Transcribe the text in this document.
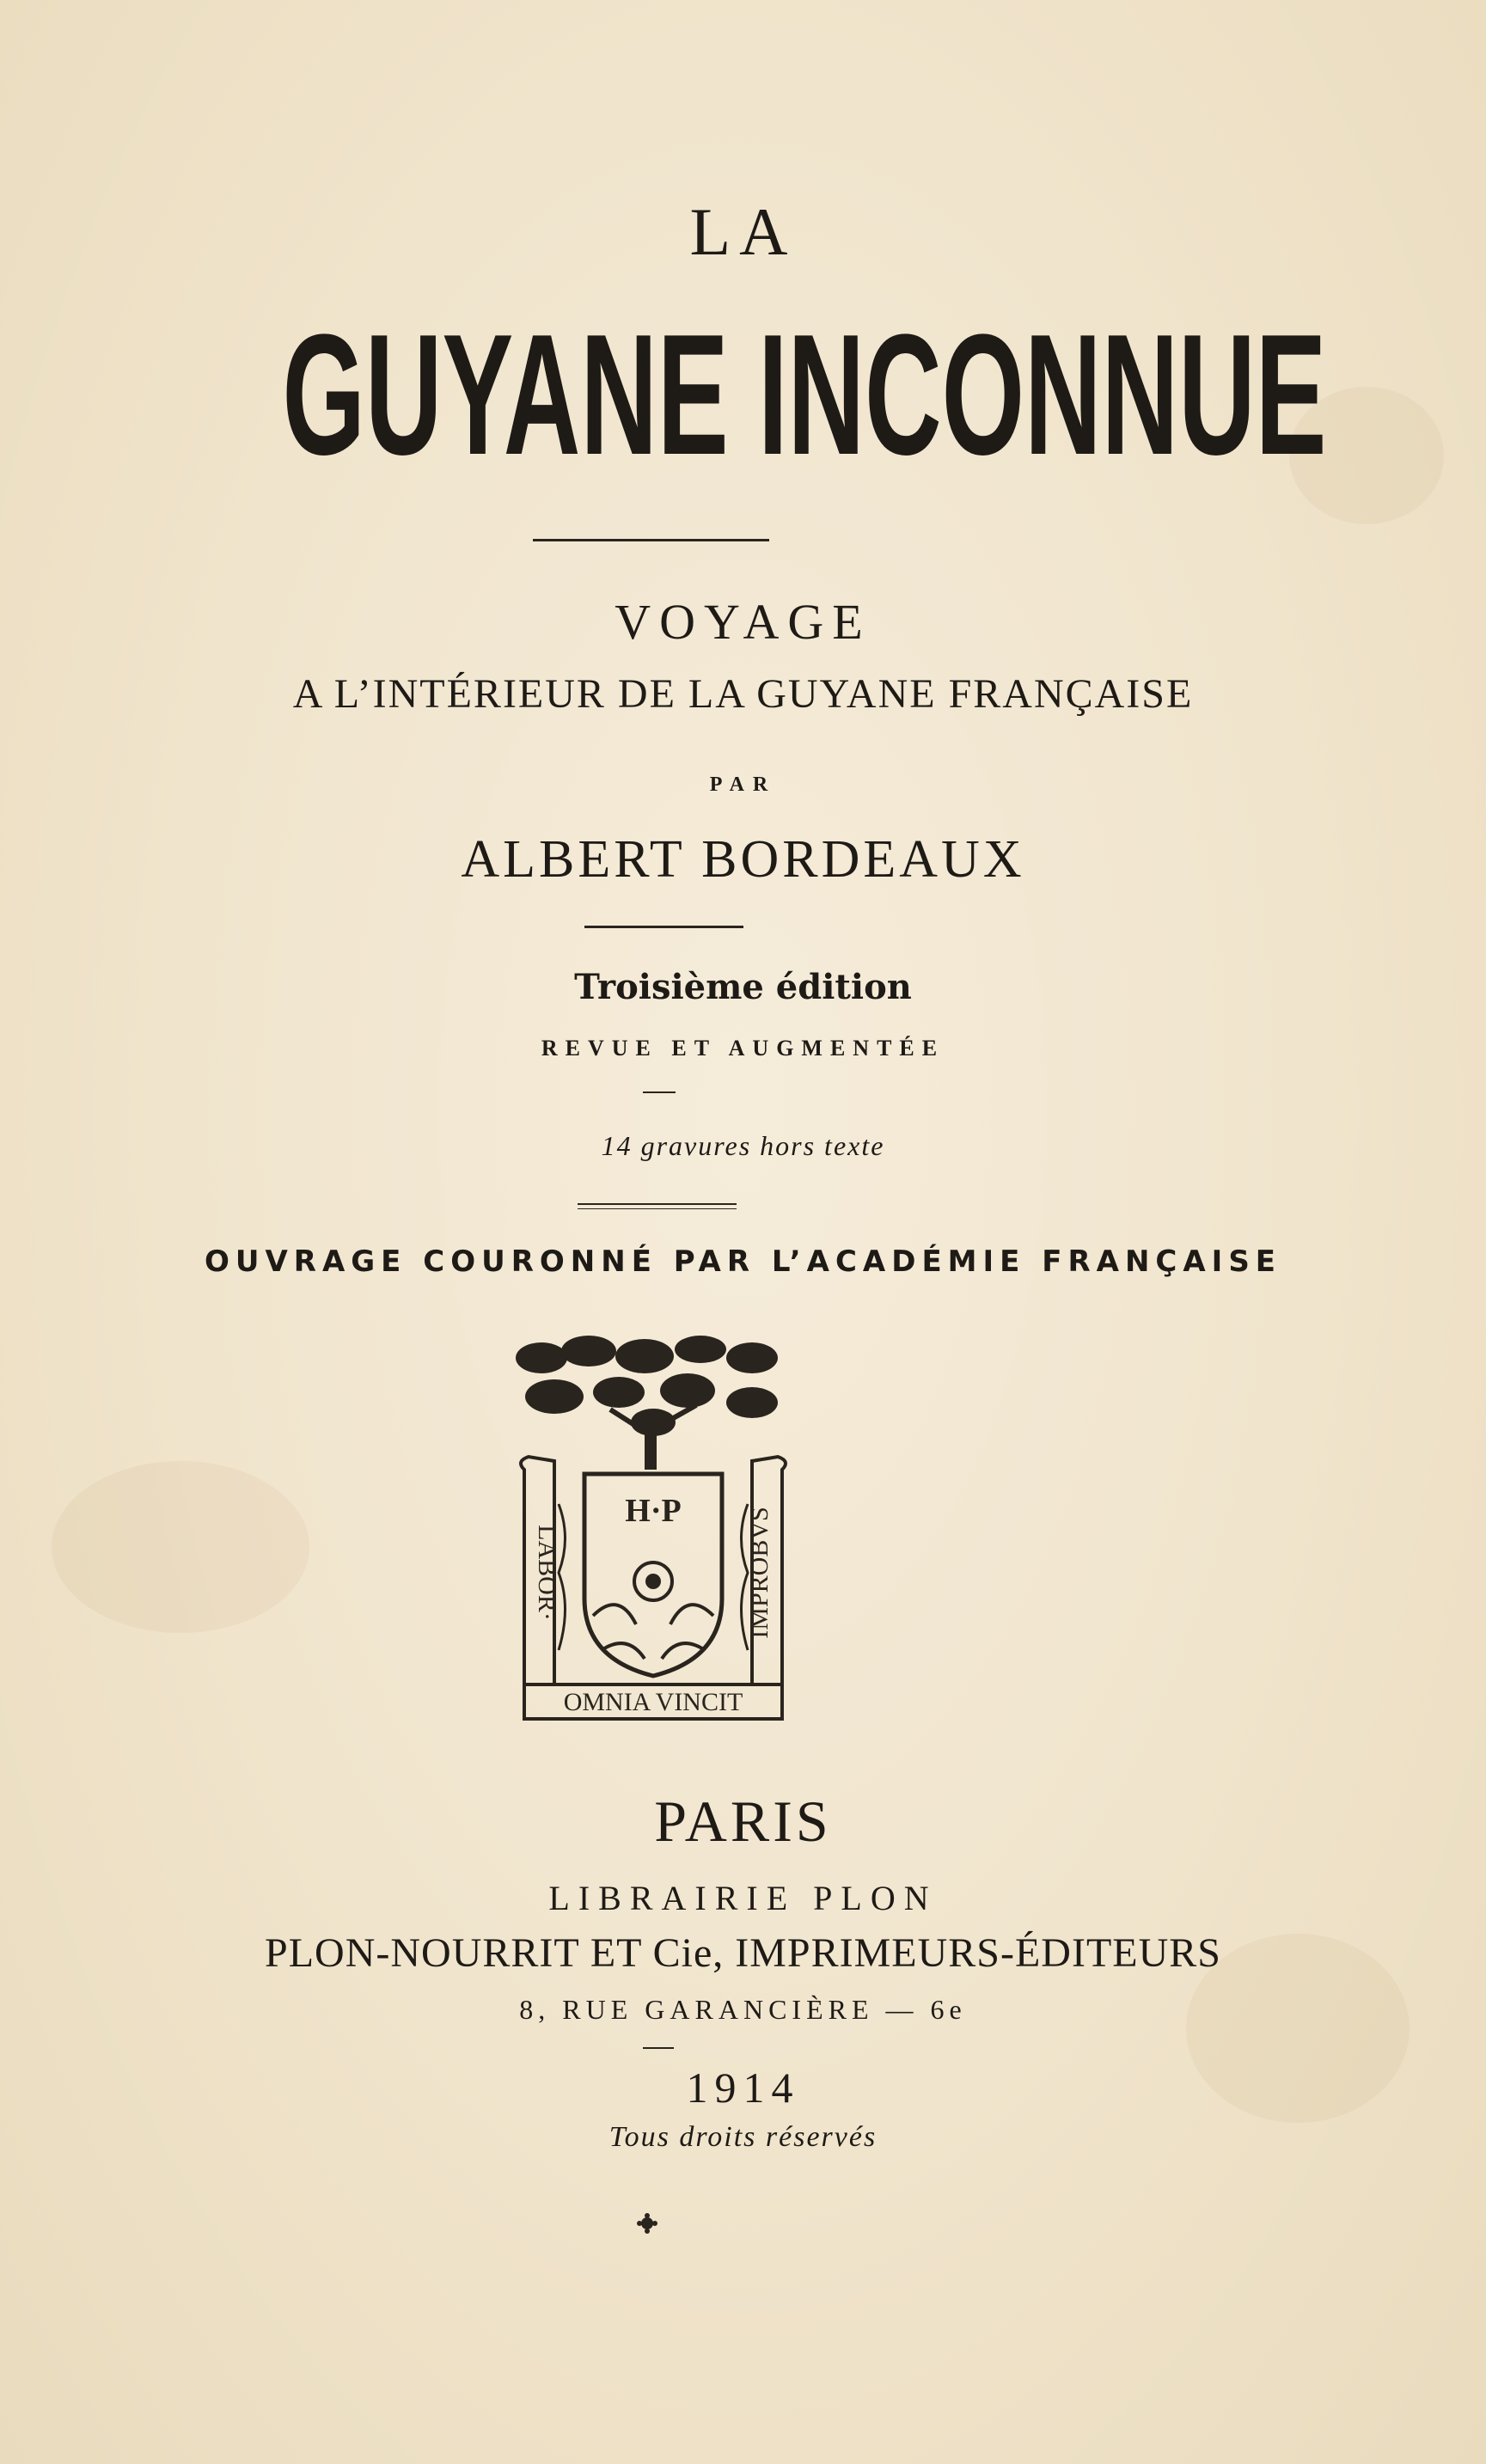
LA
GUYANE INCONNUE
VOYAGE
A L’INTÉRIEUR DE LA GUYANE FRANÇAISE
PAR
ALBERT BORDEAUX
Troisième édition
REVUE ET AUGMENTÉE
14 gravures hors texte
OUVRAGE COURONNÉ PAR L’ACADÉMIE FRANÇAISE
LABOR·	IMPROBVS
OMNIA VINCIT
H·P
PARIS
LIBRAIRIE PLON
PLON-NOURRIT ET Cie, IMPRIMEURS-ÉDITEURS
8, RUE GARANCIÈRE — 6e
1914
Tous droits réservés
